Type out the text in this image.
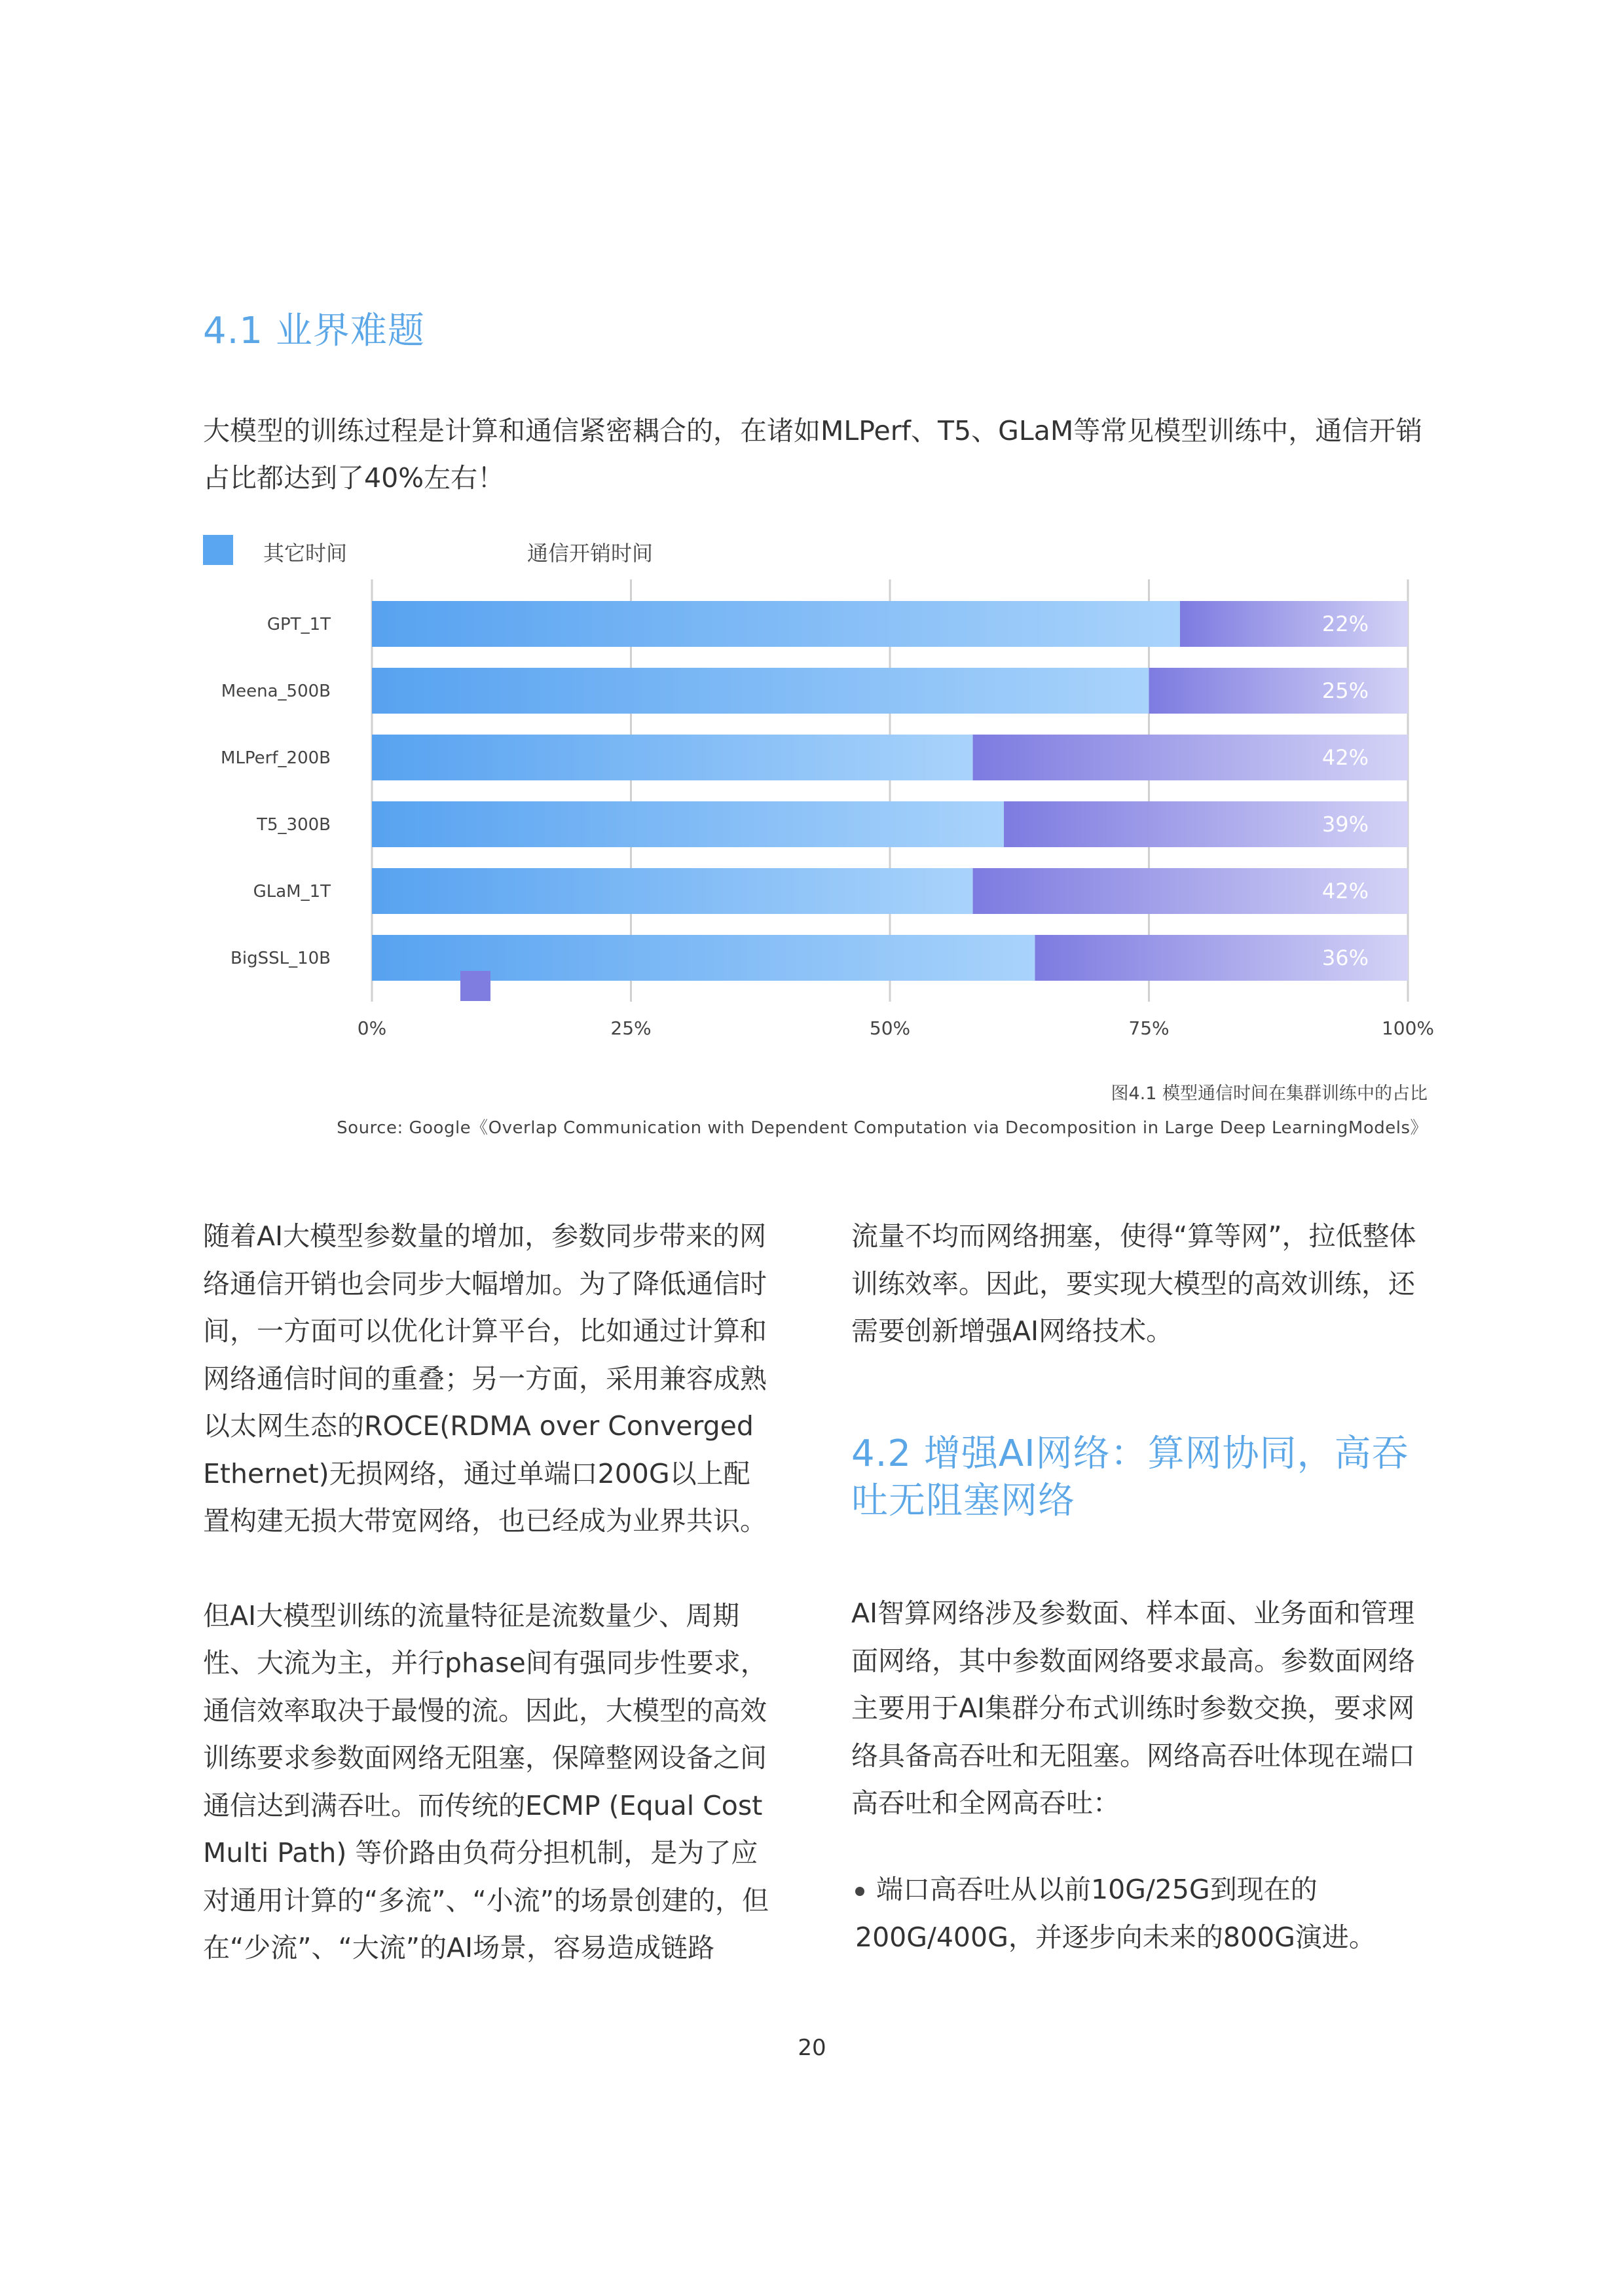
4.1 业界难题
大模型的训练过程是计算和通信紧密耦合的，在诸如MLPerf、T5、GLaM等常见模型训练中，通信开销占比都达到了40%左右！
其它时间	通信开销时间
0%	25%	50%	75%	100%
GPT_1T	22%
Meena_500B	25%
MLPerf_200B	42%
T5_300B	39%
GLaM_1T	42%
BigSSL_10B	36%
图4.1 模型通信时间在集群训练中的占比
Source: Google《Overlap Communication with Dependent Computation via Decomposition in Large Deep LearningModels》

随着AI大模型参数量的增加，参数同步带来的网络通信开销也会同步大幅增加。为了降低通信时间，一方面可以优化计算平台，比如通过计算和网络通信时间的重叠；另一方面，采用兼容成熟以太网生态的ROCE(RDMA over Converged Ethernet)无损网络，通过单端口200G以上配置构建无损大带宽网络，也已经成为业界共识。

但AI大模型训练的流量特征是流数量少、周期性、大流为主，并行phase间有强同步性要求，通信效率取决于最慢的流。因此，大模型的高效训练要求参数面网络无阻塞，保障整网设备之间通信达到满吞吐。而传统的ECMP (Equal Cost Multi Path) 等价路由负荷分担机制，是为了应对通用计算的“多流”、“小流”的场景创建的，但在“少流”、“大流”的AI场景，容易造成链路

流量不均而网络拥塞，使得“算等网”，拉低整体训练效率。因此，要实现大模型的高效训练，还需要创新增强AI网络技术。

4.2 增强AI网络：算网协同，高吞吐无阻塞网络

AI智算网络涉及参数面、样本面、业务面和管理面网络，其中参数面网络要求最高。参数面网络主要用于AI集群分布式训练时参数交换，要求网络具备高吞吐和无阻塞。网络高吞吐体现在端口高吞吐和全网高吞吐：

端口高吞吐从以前10G/25G到现在的200G/400G，并逐步向未来的800G演进。

20
